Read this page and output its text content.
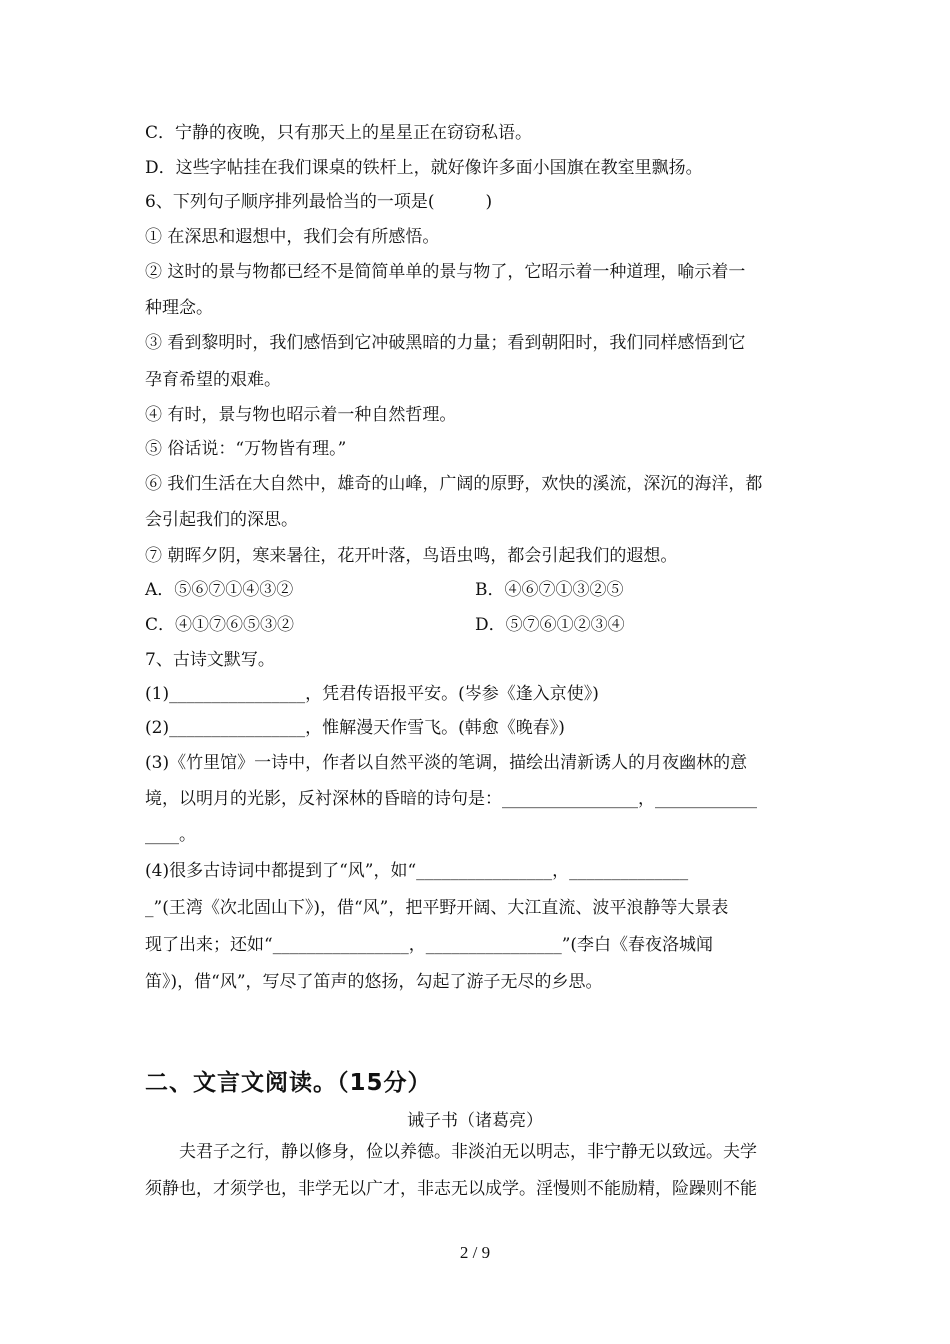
C．宁静的夜晚，只有那天上的星星正在窃窃私语。
D．这些字帖挂在我们课桌的铁杆上，就好像许多面小国旗在教室里飘扬。
6、下列句子顺序排列最恰当的一项是(　　　)
① 在深思和遐想中，我们会有所感悟。
② 这时的景与物都已经不是简简单单的景与物了，它昭示着一种道理，喻示着一
种理念。
③ 看到黎明时，我们感悟到它冲破黑暗的力量；看到朝阳时，我们同样感悟到它
孕育希望的艰难。
④ 有时，景与物也昭示着一种自然哲理。
⑤ 俗话说：“万物皆有理。”
⑥ 我们生活在大自然中，雄奇的山峰，广阔的原野，欢快的溪流，深沉的海洋，都
会引起我们的深思。
⑦ 朝晖夕阴，寒来暑往，花开叶落，鸟语虫鸣，都会引起我们的遐想。
A．⑤⑥⑦①④③②	B．④⑥⑦①③②⑤
C．④①⑦⑥⑤③②	D．⑤⑦⑥①②③④
7、古诗文默写。
(1)________________，凭君传语报平安。(岑参《逢入京使》)
(2)________________，惟解漫天作雪飞。(韩愈《晚春》)
(3)《竹里馆》一诗中，作者以自然平淡的笔调，描绘出清新诱人的月夜幽林的意
境，以明月的光影，反衬深林的昏暗的诗句是：________________，____________
____。
(4)很多古诗词中都提到了“风”，如“________________，______________
_”(王湾《次北固山下》)，借“风”，把平野开阔、大江直流、波平浪静等大景表
现了出来；还如“________________，________________”(李白《春夜洛城闻
笛》)，借“风”，写尽了笛声的悠扬，勾起了游子无尽的乡思。
二、文言文阅读。（15分）
诫子书（诸葛亮）
　　夫君子之行，静以修身，俭以养德。非淡泊无以明志，非宁静无以致远。夫学
须静也，才须学也，非学无以广才，非志无以成学。淫慢则不能励精，险躁则不能
2 / 9
